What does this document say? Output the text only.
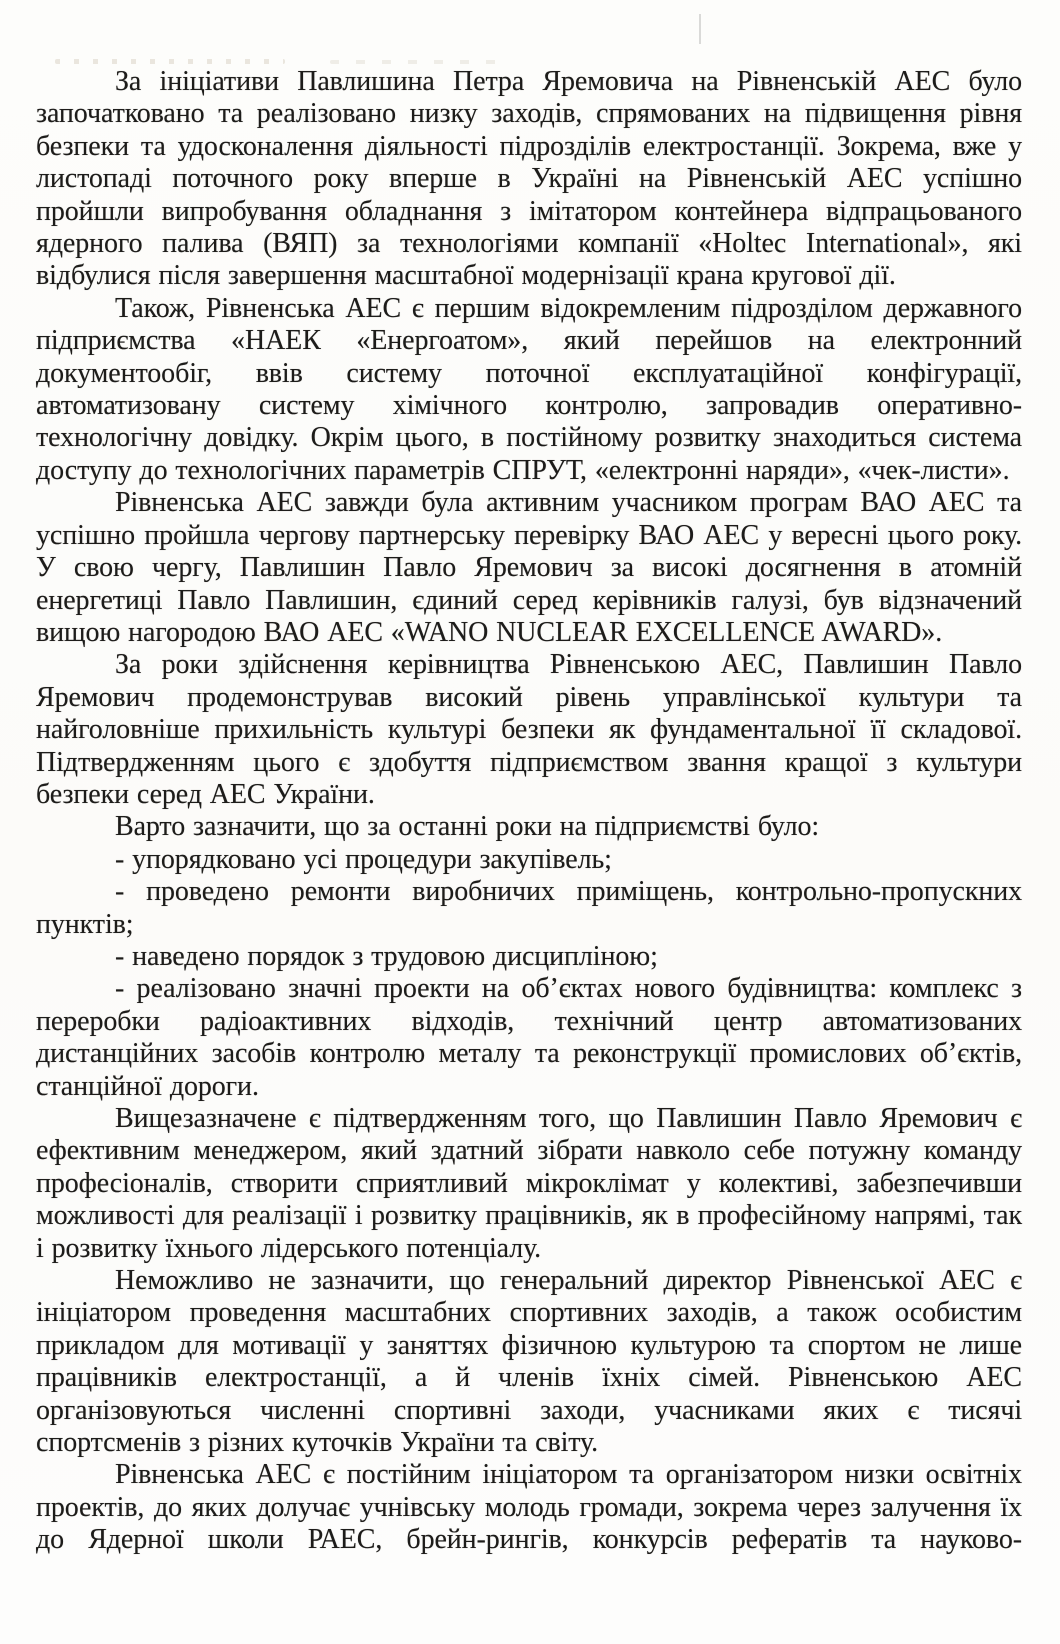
За ініціативи Павлишина Петра Яремовича на Рівненській АЕС було започатковано та реалізовано низку заходів, спрямованих на підвищення рівня безпеки та удосконалення діяльності підрозділів електростанції. Зокрема, вже у листопаді поточного року вперше в Україні на Рівненській АЕС успішно пройшли випробування обладнання з імітатором контейнера відпрацьованого ядерного палива (ВЯП) за технологіями компанії «Holtec International», які відбулися після завершення масштабної модернізації крана кругової дії.

Також, Рівненська АЕС є першим відокремленим підрозділом державного підприємства «НАЕК «Енергоатом», який перейшов на електронний документообіг, ввів систему поточної експлуатаційної конфігурації, автоматизовану систему хімічного контролю, запровадив оперативно-технологічну довідку. Окрім цього, в постійному розвитку знаходиться система доступу до технологічних параметрів СПРУТ, «електронні наряди», «чек-листи».

Рівненська АЕС завжди була активним учасником програм ВАО АЕС та успішно пройшла чергову партнерську перевірку ВАО АЕС у вересні цього року. У свою чергу, Павлишин Павло Яремович за високі досягнення в атомній енергетиці Павло Павлишин, єдиний серед керівників галузі, був відзначений вищою нагородою ВАО АЕС «WANO NUCLEAR EXCELLENCE AWARD».

За роки здійснення керівництва Рівненською АЕС, Павлишин Павло Яремович продемонстрував високий рівень управлінської культури та найголовніше прихильність культурі безпеки як фундаментальної її складової. Підтвердженням цього є здобуття підприємством звання кращої з культури безпеки серед АЕС України.

Варто зазначити, що за останні роки на підприємстві було:

- упорядковано усі процедури закупівель;

- проведено ремонти виробничих приміщень, контрольно-пропускних пунктів;

- наведено порядок з трудовою дисципліною;

- реалізовано значні проекти на об’єктах нового будівництва: комплекс з переробки радіоактивних відходів, технічний центр автоматизованих дистанційних засобів контролю металу та реконструкції промислових об’єктів, станційної дороги.

Вищезазначене є підтвердженням того, що Павлишин Павло Яремович є ефективним менеджером, який здатний зібрати навколо себе потужну команду професіоналів, створити сприятливий мікроклімат у колективі, забезпечивши можливості для реалізації і розвитку працівників, як в професійному напрямі, так і розвитку їхнього лідерського потенціалу.

Неможливо не зазначити, що генеральний директор Рівненської АЕС є ініціатором проведення масштабних спортивних заходів, а також особистим прикладом для мотивації у заняттях фізичною культурою та спортом не лише працівників електростанції, а й членів їхніх сімей. Рівненською АЕС організовуються численні спортивні заходи, учасниками яких є тисячі спортсменів з різних куточків України та світу.

Рівненська АЕС є постійним ініціатором та організатором низки освітніх проектів, до яких долучає учнівську молодь громади, зокрема через залучення їх до Ядерної школи РАЕС, брейн-рингів, конкурсів рефератів та науково-
